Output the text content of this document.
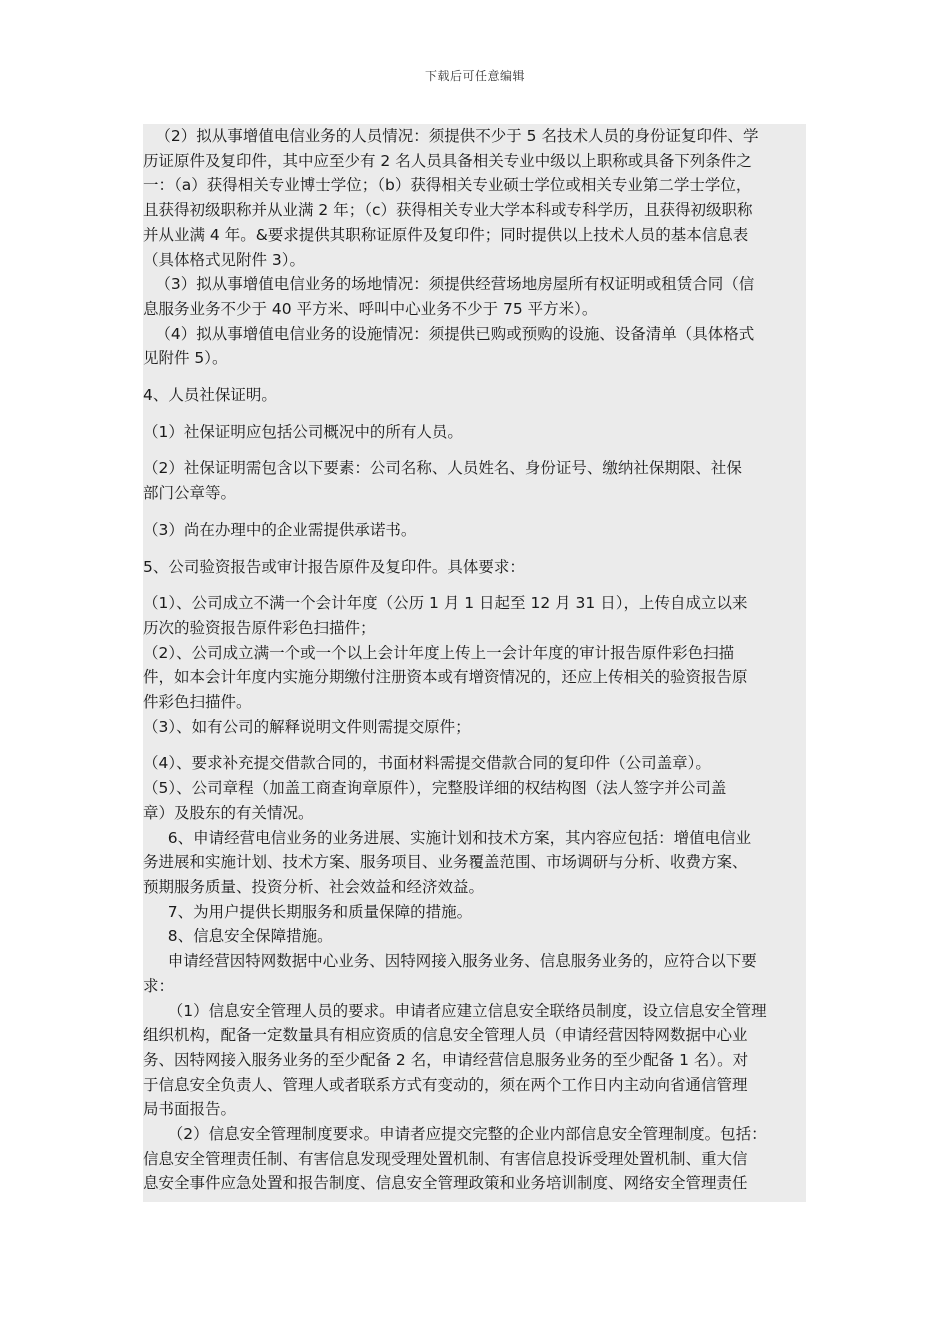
下载后可任意编辑
（2）拟从事增值电信业务的人员情况：须提供不少于 5 名技术人员的身份证复印件、学
历证原件及复印件，其中应至少有 2 名人员具备相关专业中级以上职称或具备下列条件之
一：（a）获得相关专业博士学位；（b）获得相关专业硕士学位或相关专业第二学士学位，
且获得初级职称并从业满 2 年；（c）获得相关专业大学本科或专科学历，且获得初级职称
并从业满 4 年。&要求提供其职称证原件及复印件；同时提供以上技术人员的基本信息表
（具体格式见附件 3）。
（3）拟从事增值电信业务的场地情况：须提供经营场地房屋所有权证明或租赁合同（信
息服务业务不少于 40 平方米、呼叫中心业务不少于 75 平方米）。
（4）拟从事增值电信业务的设施情况：须提供已购或预购的设施、设备清单（具体格式
见附件 5）。
4、人员社保证明。
（1）社保证明应包括公司概况中的所有人员。
（2）社保证明需包含以下要素：公司名称、人员姓名、身份证号、缴纳社保期限、社保
部门公章等。
（3）尚在办理中的企业需提供承诺书。
5、公司验资报告或审计报告原件及复印件。具体要求：
（1）、公司成立不满一个会计年度（公历 1 月 1 日起至 12 月 31 日），上传自成立以来
历次的验资报告原件彩色扫描件；
（2）、公司成立满一个或一个以上会计年度上传上一会计年度的审计报告原件彩色扫描
件，如本会计年度内实施分期缴付注册资本或有增资情况的，还应上传相关的验资报告原
件彩色扫描件。
（3）、如有公司的解释说明文件则需提交原件；
（4）、要求补充提交借款合同的，书面材料需提交借款合同的复印件（公司盖章）。
（5）、公司章程（加盖工商查询章原件），完整股详细的权结构图（法人签字并公司盖
章）及股东的有关情况。
6、申请经营电信业务的业务进展、实施计划和技术方案，其内容应包括：增值电信业
务进展和实施计划、技术方案、服务项目、业务覆盖范围、市场调研与分析、收费方案、
预期服务质量、投资分析、社会效益和经济效益。
7、为用户提供长期服务和质量保障的措施。
8、信息安全保障措施。
申请经营因特网数据中心业务、因特网接入服务业务、信息服务业务的，应符合以下要
求：
（1）信息安全管理人员的要求。申请者应建立信息安全联络员制度，设立信息安全管理
组织机构，配备一定数量具有相应资质的信息安全管理人员（申请经营因特网数据中心业
务、因特网接入服务业务的至少配备 2 名，申请经营信息服务业务的至少配备 1 名）。对
于信息安全负责人、管理人或者联系方式有变动的，须在两个工作日内主动向省通信管理
局书面报告。
（2）信息安全管理制度要求。申请者应提交完整的企业内部信息安全管理制度。包括：
信息安全管理责任制、有害信息发现受理处置机制、有害信息投诉受理处置机制、重大信
息安全事件应急处置和报告制度、信息安全管理政策和业务培训制度、网络安全管理责任
